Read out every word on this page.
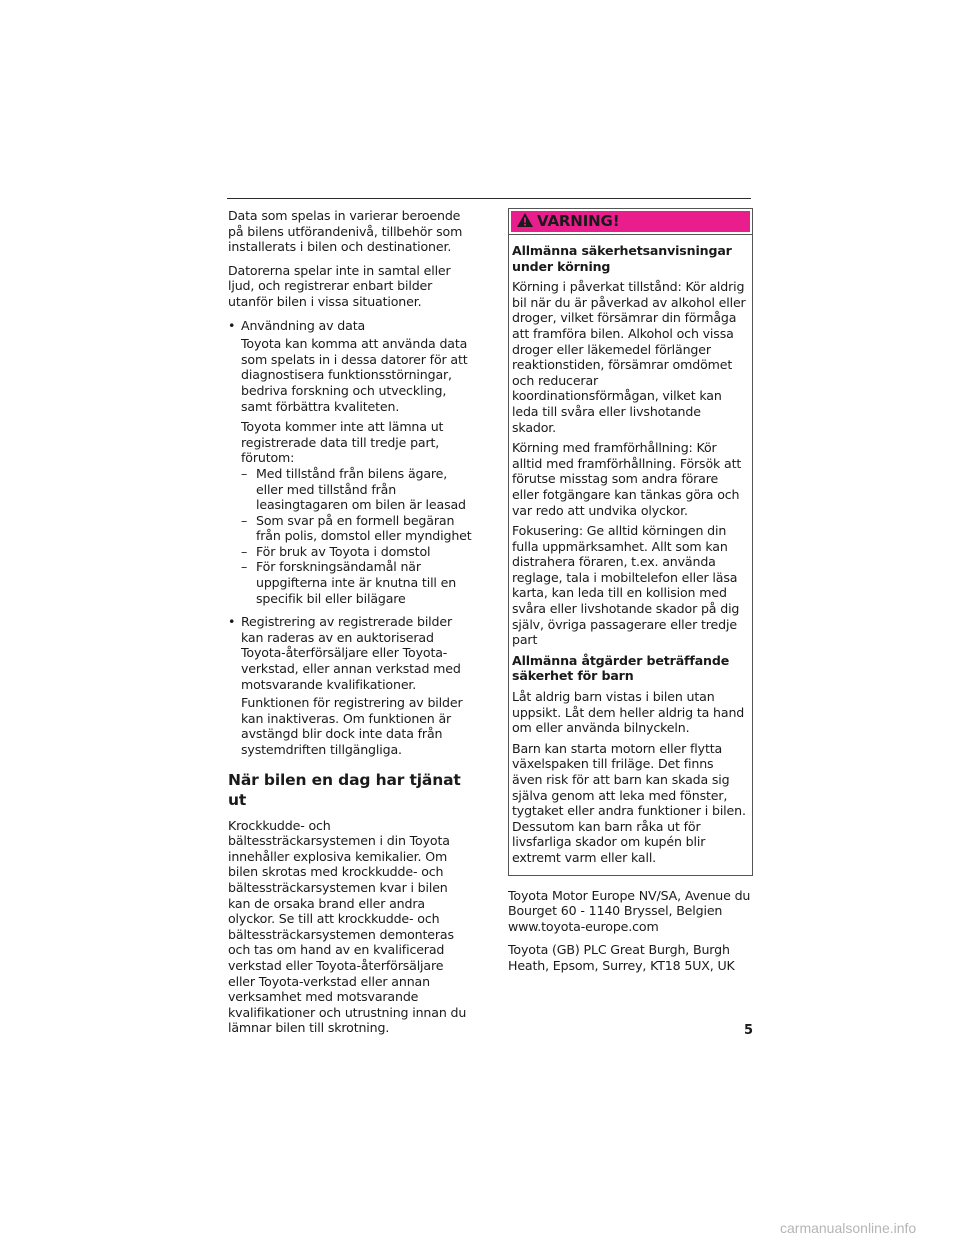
Data som spelas in varierar beroende på bilens utförandenivå, tillbehör som installerats i bilen och destinationer.

Datorerna spelar inte in samtal eller ljud, och registrerar enbart bilder utanför bilen i vissa situationer.

• Användning av data

Toyota kan komma att använda data som spelats in i dessa datorer för att diagnostisera funktionsstörningar, bedriva forskning och utveckling, samt förbättra kvaliteten.

Toyota kommer inte att lämna ut registrerade data till tredje part, förutom:

– Med tillstånd från bilens ägare, eller med tillstånd från leasingtagaren om bilen är leasad

– Som svar på en formell begäran från polis, domstol eller myndighet

– För bruk av Toyota i domstol

– För forskningsändamål när uppgifterna inte är knutna till en specifik bil eller bilägare

• Registrering av registrerade bilder kan raderas av en auktoriserad Toyota-återförsäljare eller Toyota-verkstad, eller annan verkstad med motsvarande kvalifikationer.

Funktionen för registrering av bilder kan inaktiveras. Om funktionen är avstängd blir dock inte data från systemdriften tillgängliga.

När bilen en dag har tjänat ut

Krockkudde- och bältessträckarsystemen i din Toyota innehåller explosiva kemikalier. Om bilen skrotas med krockkudde- och bältessträckarsystemen kvar i bilen kan de orsaka brand eller andra olyckor. Se till att krockkudde- och bältessträckarsystemen demonteras och tas om hand av en kvalificerad verkstad eller Toyota-återförsäljare eller Toyota-verkstad eller annan verksamhet med motsvarande kvalifikationer och utrustning innan du lämnar bilen till skrotning.

VARNING!

Allmänna säkerhetsanvisningar under körning

Körning i påverkat tillstånd: Kör aldrig bil när du är påverkad av alkohol eller droger, vilket försämrar din förmåga att framföra bilen. Alkohol och vissa droger eller läkemedel förlänger reaktionstiden, försämrar omdömet och reducerar koordinationsförmågan, vilket kan leda till svåra eller livshotande skador.

Körning med framförhållning: Kör alltid med framförhållning. Försök att förutse misstag som andra förare eller fotgängare kan tänkas göra och var redo att undvika olyckor.

Fokusering: Ge alltid körningen din fulla uppmärksamhet. Allt som kan distrahera föraren, t.ex. använda reglage, tala i mobiltelefon eller läsa karta, kan leda till en kollision med svåra eller livshotande skador på dig själv, övriga passagerare eller tredje part

Allmänna åtgärder beträffande säkerhet för barn

Låt aldrig barn vistas i bilen utan uppsikt. Låt dem heller aldrig ta hand om eller använda bilnyckeln.

Barn kan starta motorn eller flytta växelspaken till friläge. Det finns även risk för att barn kan skada sig själva genom att leka med fönster, tygtaket eller andra funktioner i bilen. Dessutom kan barn råka ut för livsfarliga skador om kupén blir extremt varm eller kall.

Toyota Motor Europe NV/SA, Avenue du Bourget 60 - 1140 Bryssel, Belgien www.toyota-europe.com

Toyota (GB) PLC Great Burgh, Burgh Heath, Epsom, Surrey, KT18 5UX, UK

5
carmanualsonline.info
